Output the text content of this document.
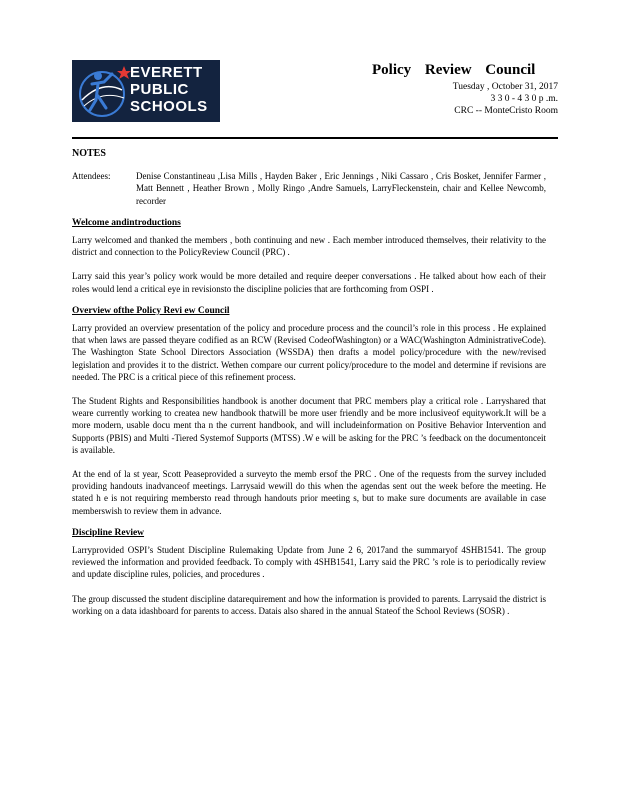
EVERETT
PUBLIC
SCHOOLS
Policy Review Council
Tuesday , October 31, 2017
3 3 0 - 4 3 0 p .m.
CRC -- MonteCristo Room
NOTES
Attendees:	Denise Constantineau ,Lisa Mills , Hayden Baker , Eric Jennings , Niki Cassaro , Cris Bosket, Jennifer Farmer , Matt Bennett , Heather Brown , Molly Ringo ,Andre Samuels, LarryFleckenstein, chair and Kellee Newcomb, recorder
Welcome andintroductions

Larry welcomed and thanked the members , both continuing and new . Each member introduced themselves, their relativity to the district and connection to the PolicyReview Council (PRC) .

Larry said this year’s policy work would be more detailed and require deeper conversations . He talked about how each of their roles would lend a critical eye in revisionsto the discipline policies that are forthcoming from OSPI .

Overview ofthe Policy Revi ew Council

Larry provided an overview presentation of the policy and procedure process and the council’s role in this process . He explained that when laws are passed theyare codified as an RCW (Revised CodeofWashington) or a WAC(Washington AdministrativeCode). The Washington State School Directors Association (WSSDA) then drafts a model policy/procedure with the new/revised legislation and provides it to the district. Wethen compare our current policy/procedure to the model and determine if revisions are needed. The PRC is a critical piece of this refinement process.

The Student Rights and Responsibilities handbook is another document that PRC members play a critical role . Larryshared that weare currently working to createa new handbook thatwill be more user friendly and be more inclusiveof equitywork.It will be a more modern, usable docu ment tha n the current handbook, and will includeinformation on Positive Behavior Intervention and Supports (PBIS) and Multi -Tiered Systemof Supports (MTSS) .W e will be asking for the PRC ’s feedback on the documentonceit is available.

At the end of la st year, Scott Peaseprovided a surveyto the memb ersof the PRC . One of the requests from the survey included providing handouts inadvanceof meetings. Larrysaid wewill do this when the agendas sent out the week before the meeting. He stated h e is not requiring membersto read through handouts prior meeting s, but to make sure documents are available in case memberswish to review them in advance.

Discipline Review

Larryprovided OSPI’s Student Discipline Rulemaking Update from June 2 6, 2017and the summaryof 4SHB1541. The group reviewed the information and provided feedback. To comply with 4SHB1541, Larry said the PRC ’s role is to periodically review and update discipline rules, policies, and procedures .

The group discussed the student discipline datarequirement and how the information is provided to parents. Larrysaid the district is working on a data idashboard for parents to access. Datais also shared in the annual Stateof the School Reviews (SOSR) .
